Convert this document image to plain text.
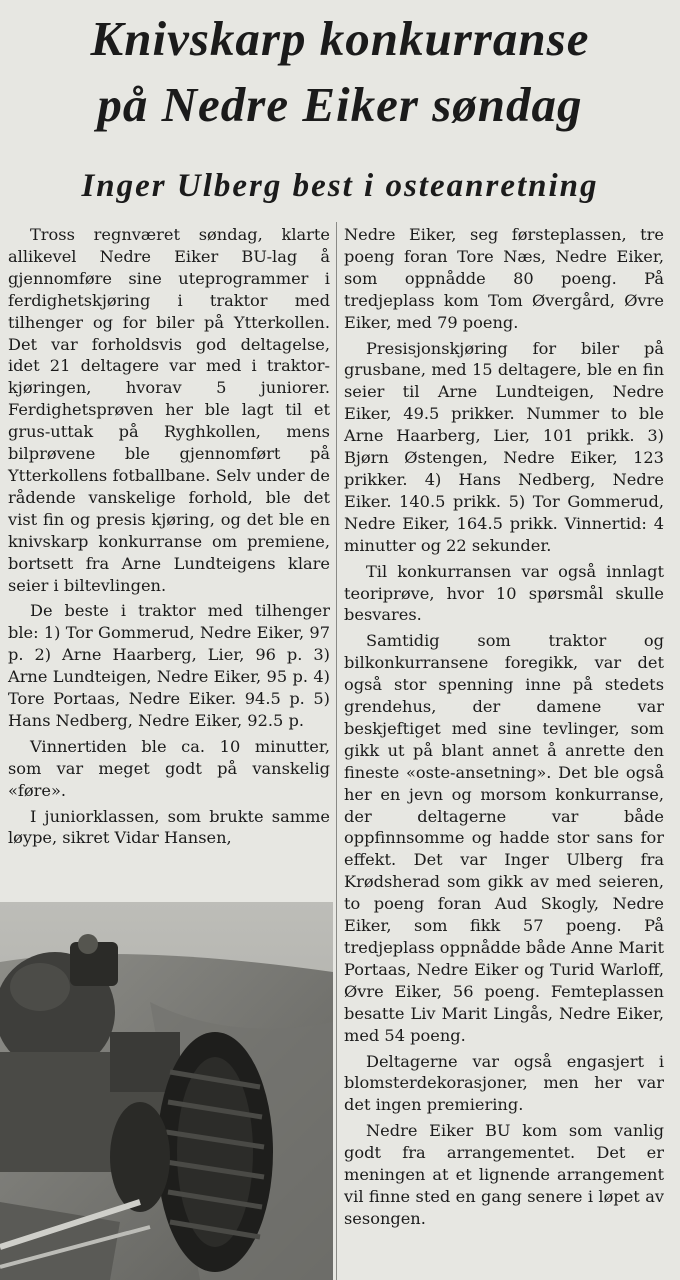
Knivskarp konkurranse
på Nedre Eiker søndag
Inger Ulberg best i osteanretning

Tross regnværet søndag, klarte allikevel Nedre Eiker BU-lag å gjennomføre sine uteprogrammer i ferdighetskjøring i traktor med tilhenger og for biler på Ytterkollen. Det var forholdsvis god deltagelse, idet 21 deltagere var med i traktor-kjøringen, hvorav 5 juniorer. Ferdighetsprøven her ble lagt til et grus-uttak på Ryghkollen, mens bilprøvene ble gjennomført på Ytterkollens fotballbane. Selv under de rådende vanskelige forhold, ble det vist fin og presis kjøring, og det ble en knivskarp konkurranse om premiene, bortsett fra Arne Lundteigens klare seier i biltevlingen.

De beste i traktor med tilhenger ble: 1) Tor Gommerud, Nedre Eiker, 97 p. 2) Arne Haarberg, Lier, 96 p. 3) Arne Lundteigen, Nedre Eiker, 95 p. 4) Tore Portaas, Nedre Eiker. 94.5 p. 5) Hans Nedberg, Nedre Eiker, 92.5 p.

Vinnertiden ble ca. 10 minutter, som var meget godt på vanskelig «føre».

I juniorklassen, som brukte samme løype, sikret Vidar Hansen,

Nedre Eiker, seg førsteplassen, tre poeng foran Tore Næs, Nedre Eiker, som oppnådde 80 poeng. På tredjeplass kom Tom Øvergård, Øvre Eiker, med 79 poeng.

Presisjonskjøring for biler på grusbane, med 15 deltagere, ble en fin seier til Arne Lundteigen, Nedre Eiker, 49.5 prikker. Nummer to ble Arne Haarberg, Lier, 101 prikk. 3) Bjørn Østengen, Nedre Eiker, 123 prikker. 4) Hans Nedberg, Nedre Eiker. 140.5 prikk. 5) Tor Gommerud, Nedre Eiker, 164.5 prikk. Vinnertid: 4 minutter og 22 sekunder.

Til konkurransen var også innlagt teoriprøve, hvor 10 spørsmål skulle besvares.

Samtidig som traktor og bilkonkurransene foregikk, var det også stor spenning inne på stedets grendehus, der damene var beskjeftiget med sine tevlinger, som gikk ut på blant annet å anrette den fineste «oste-ansetning». Det ble også her en jevn og morsom konkurranse, der deltagerne var både oppfinnsomme og hadde stor sans for effekt. Det var Inger Ulberg fra Krødsherad som gikk av med seieren, to poeng foran Aud Skogly, Nedre Eiker, som fikk 57 poeng. På tredjeplass oppnådde både Anne Marit Portaas, Nedre Eiker og Turid Warloff, Øvre Eiker, 56 poeng. Femteplassen besatte Liv Marit Lingås, Nedre Eiker, med 54 poeng.

Deltagerne var også engasjert i blomsterdekorasjoner, men her var det ingen premiering.

Nedre Eiker BU kom som vanlig godt fra arrangementet. Det er meningen at et lignende arrangement vil finne sted en gang senere i løpet av sesongen.
